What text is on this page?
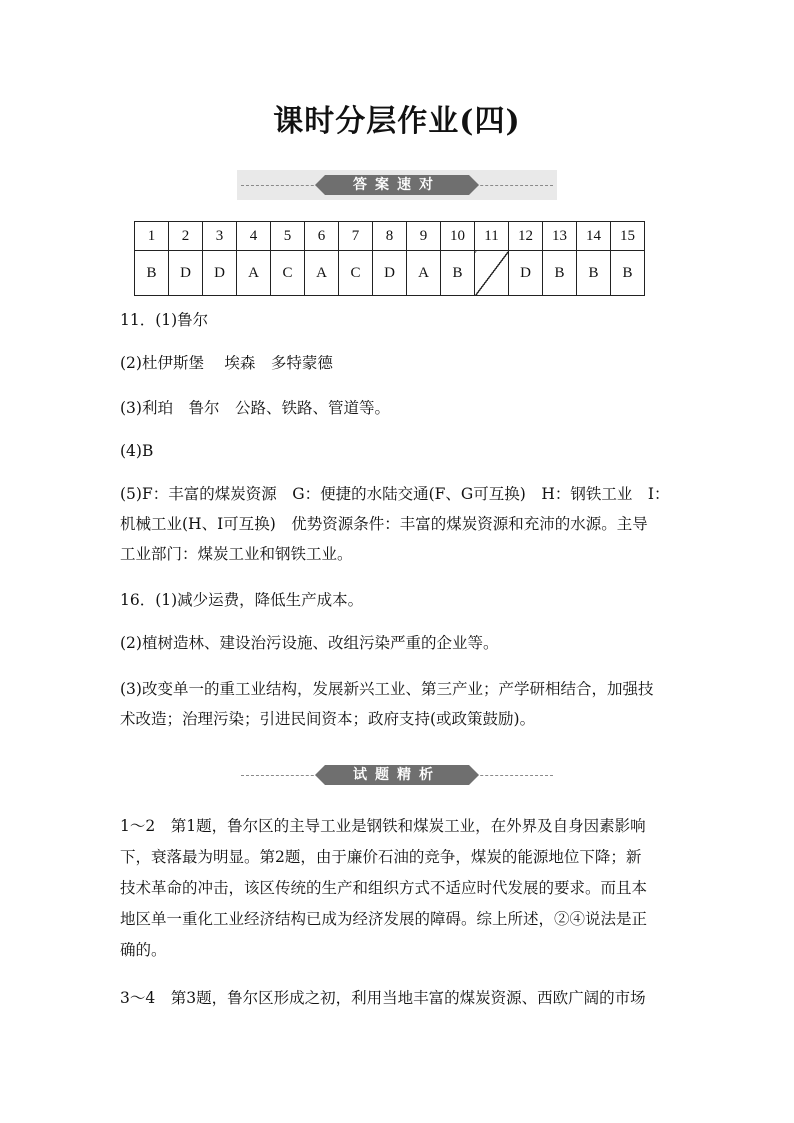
课时分层作业(四)
答案速对
1	2	3	4	5	6	7	8	9	10	11	12	13	14	15
B	D	D	A	C	A	C	D	A	B		D	B	B	B
11．(1)鲁尔
(2)杜伊斯堡　 埃森　多特蒙德
(3)利珀　鲁尔　公路、铁路、管道等。
(4)B
(5)F：丰富的煤炭资源　G：便捷的水陆交通(F、G可互换)　H：钢铁工业　I：
机械工业(H、I可互换)　优势资源条件：丰富的煤炭资源和充沛的水源。主导
工业部门：煤炭工业和钢铁工业。
16．(1)减少运费，降低生产成本。
(2)植树造林、建设治污设施、改组污染严重的企业等。
(3)改变单一的重工业结构，发展新兴工业、第三产业；产学研相结合，加强技
术改造；治理污染；引进民间资本；政府支持(或政策鼓励)。
试题精析
1～2　第1题，鲁尔区的主导工业是钢铁和煤炭工业，在外界及自身因素影响
下，衰落最为明显。第2题，由于廉价石油的竞争，煤炭的能源地位下降；新
技术革命的冲击，该区传统的生产和组织方式不适应时代发展的要求。而且本
地区单一重化工业经济结构已成为经济发展的障碍。综上所述，②④说法是正
确的。
3～4　第3题，鲁尔区形成之初，利用当地丰富的煤炭资源、西欧广阔的市场
